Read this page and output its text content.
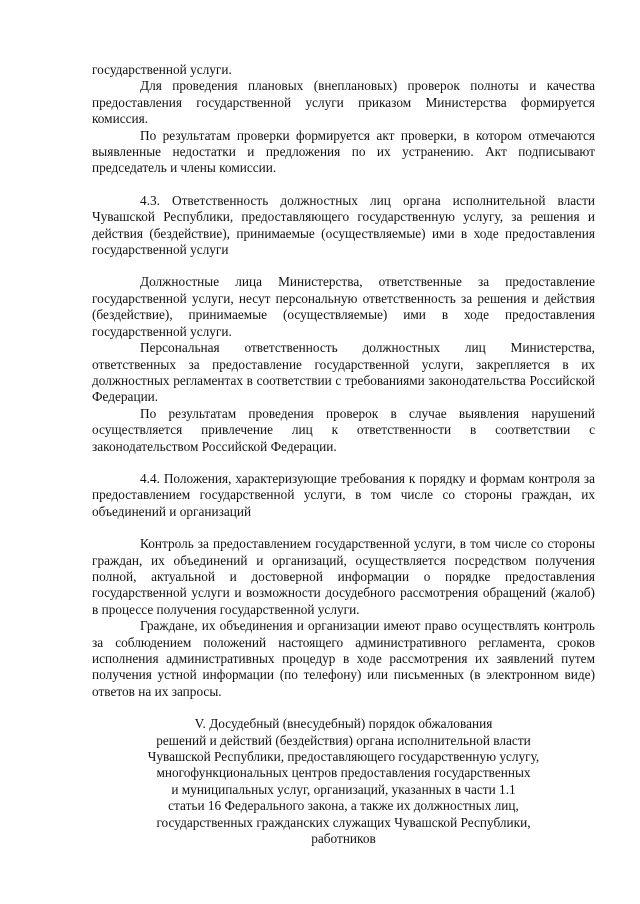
государственной услуги.

Для проведения плановых (внеплановых) проверок полноты и качества предоставления государственной услуги приказом Министерства формируется комиссия.

По результатам проверки формируется акт проверки, в котором отмечаются выявленные недостатки и предложения по их устранению. Акт подписывают председатель и члены комиссии.

4.3. Ответственность должностных лиц органа исполнительной власти Чувашской Республики, предоставляющего государственную услугу, за решения и действия (бездействие), принимаемые (осуществляемые) ими в ходе предоставления государственной услуги

Должностные лица Министерства, ответственные за предоставление государственной услуги, несут персональную ответственность за решения и действия (бездействие), принимаемые (осуществляемые) ими в ходе предоставления государственной услуги.

Персональная ответственность должностных лиц Министерства, ответственных за предоставление государственной услуги, закрепляется в их должностных регламентах в соответствии с требованиями законодательства Российской Федерации.

По результатам проведения проверок в случае выявления нарушений осуществляется привлечение лиц к ответственности в соответствии с законодательством Российской Федерации.

4.4. Положения, характеризующие требования к порядку и формам контроля за предоставлением государственной услуги, в том числе со стороны граждан, их объединений и организаций

Контроль за предоставлением государственной услуги, в том числе со стороны граждан, их объединений и организаций, осуществляется посредством получения полной, актуальной и достоверной информации о порядке предоставления государственной услуги и возможности досудебного рассмотрения обращений (жалоб) в процессе получения государственной услуги.

Граждане, их объединения и организации имеют право осуществлять контроль за соблюдением положений настоящего административного регламента, сроков исполнения административных процедур в ходе рассмотрения их заявлений путем получения устной информации (по телефону) или письменных (в электронном виде) ответов на их запросы.

V. Досудебный (внесудебный) порядок обжалования
решений и действий (бездействия) органа исполнительной власти
Чувашской Республики, предоставляющего государственную услугу,
многофункциональных центров предоставления государственных
и муниципальных услуг, организаций, указанных в части 1.1
статьи 16 Федерального закона, а также их должностных лиц,
государственных гражданских служащих Чувашской Республики,
работников
